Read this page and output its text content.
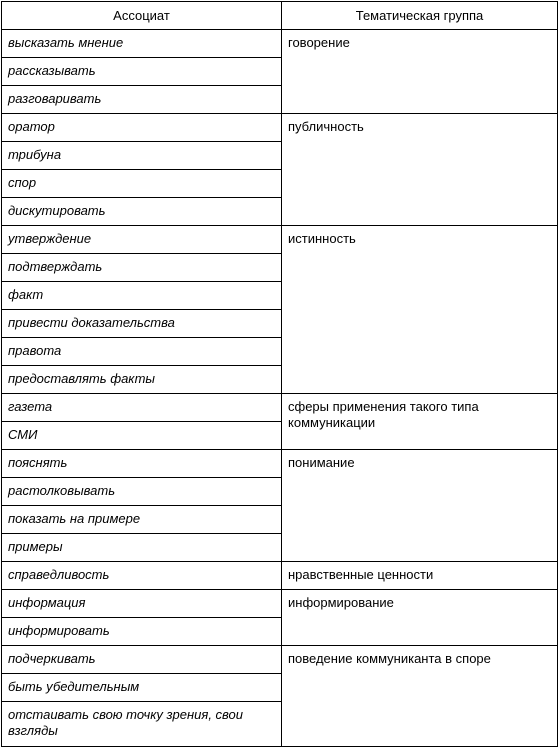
Ассоциат	Тематическая группа
высказать мнение	говорение
рассказывать	
разговаривать	
оратор	публичность
трибуна	
спор	
дискутировать	
утверждение	истинность
подтверждать	
факт	
привести доказательства	
правота	
предоставлять факты	
газета	сферы применения такого типа коммуникации
СМИ	
пояснять	понимание
растолковывать	
показать на примере	
примеры	
справедливость	нравственные ценности
информация	информирование
информировать	
подчеркивать	поведение коммуниканта в споре
быть убедительным	
отстаивать свою точку зрения, свои взгляды	
